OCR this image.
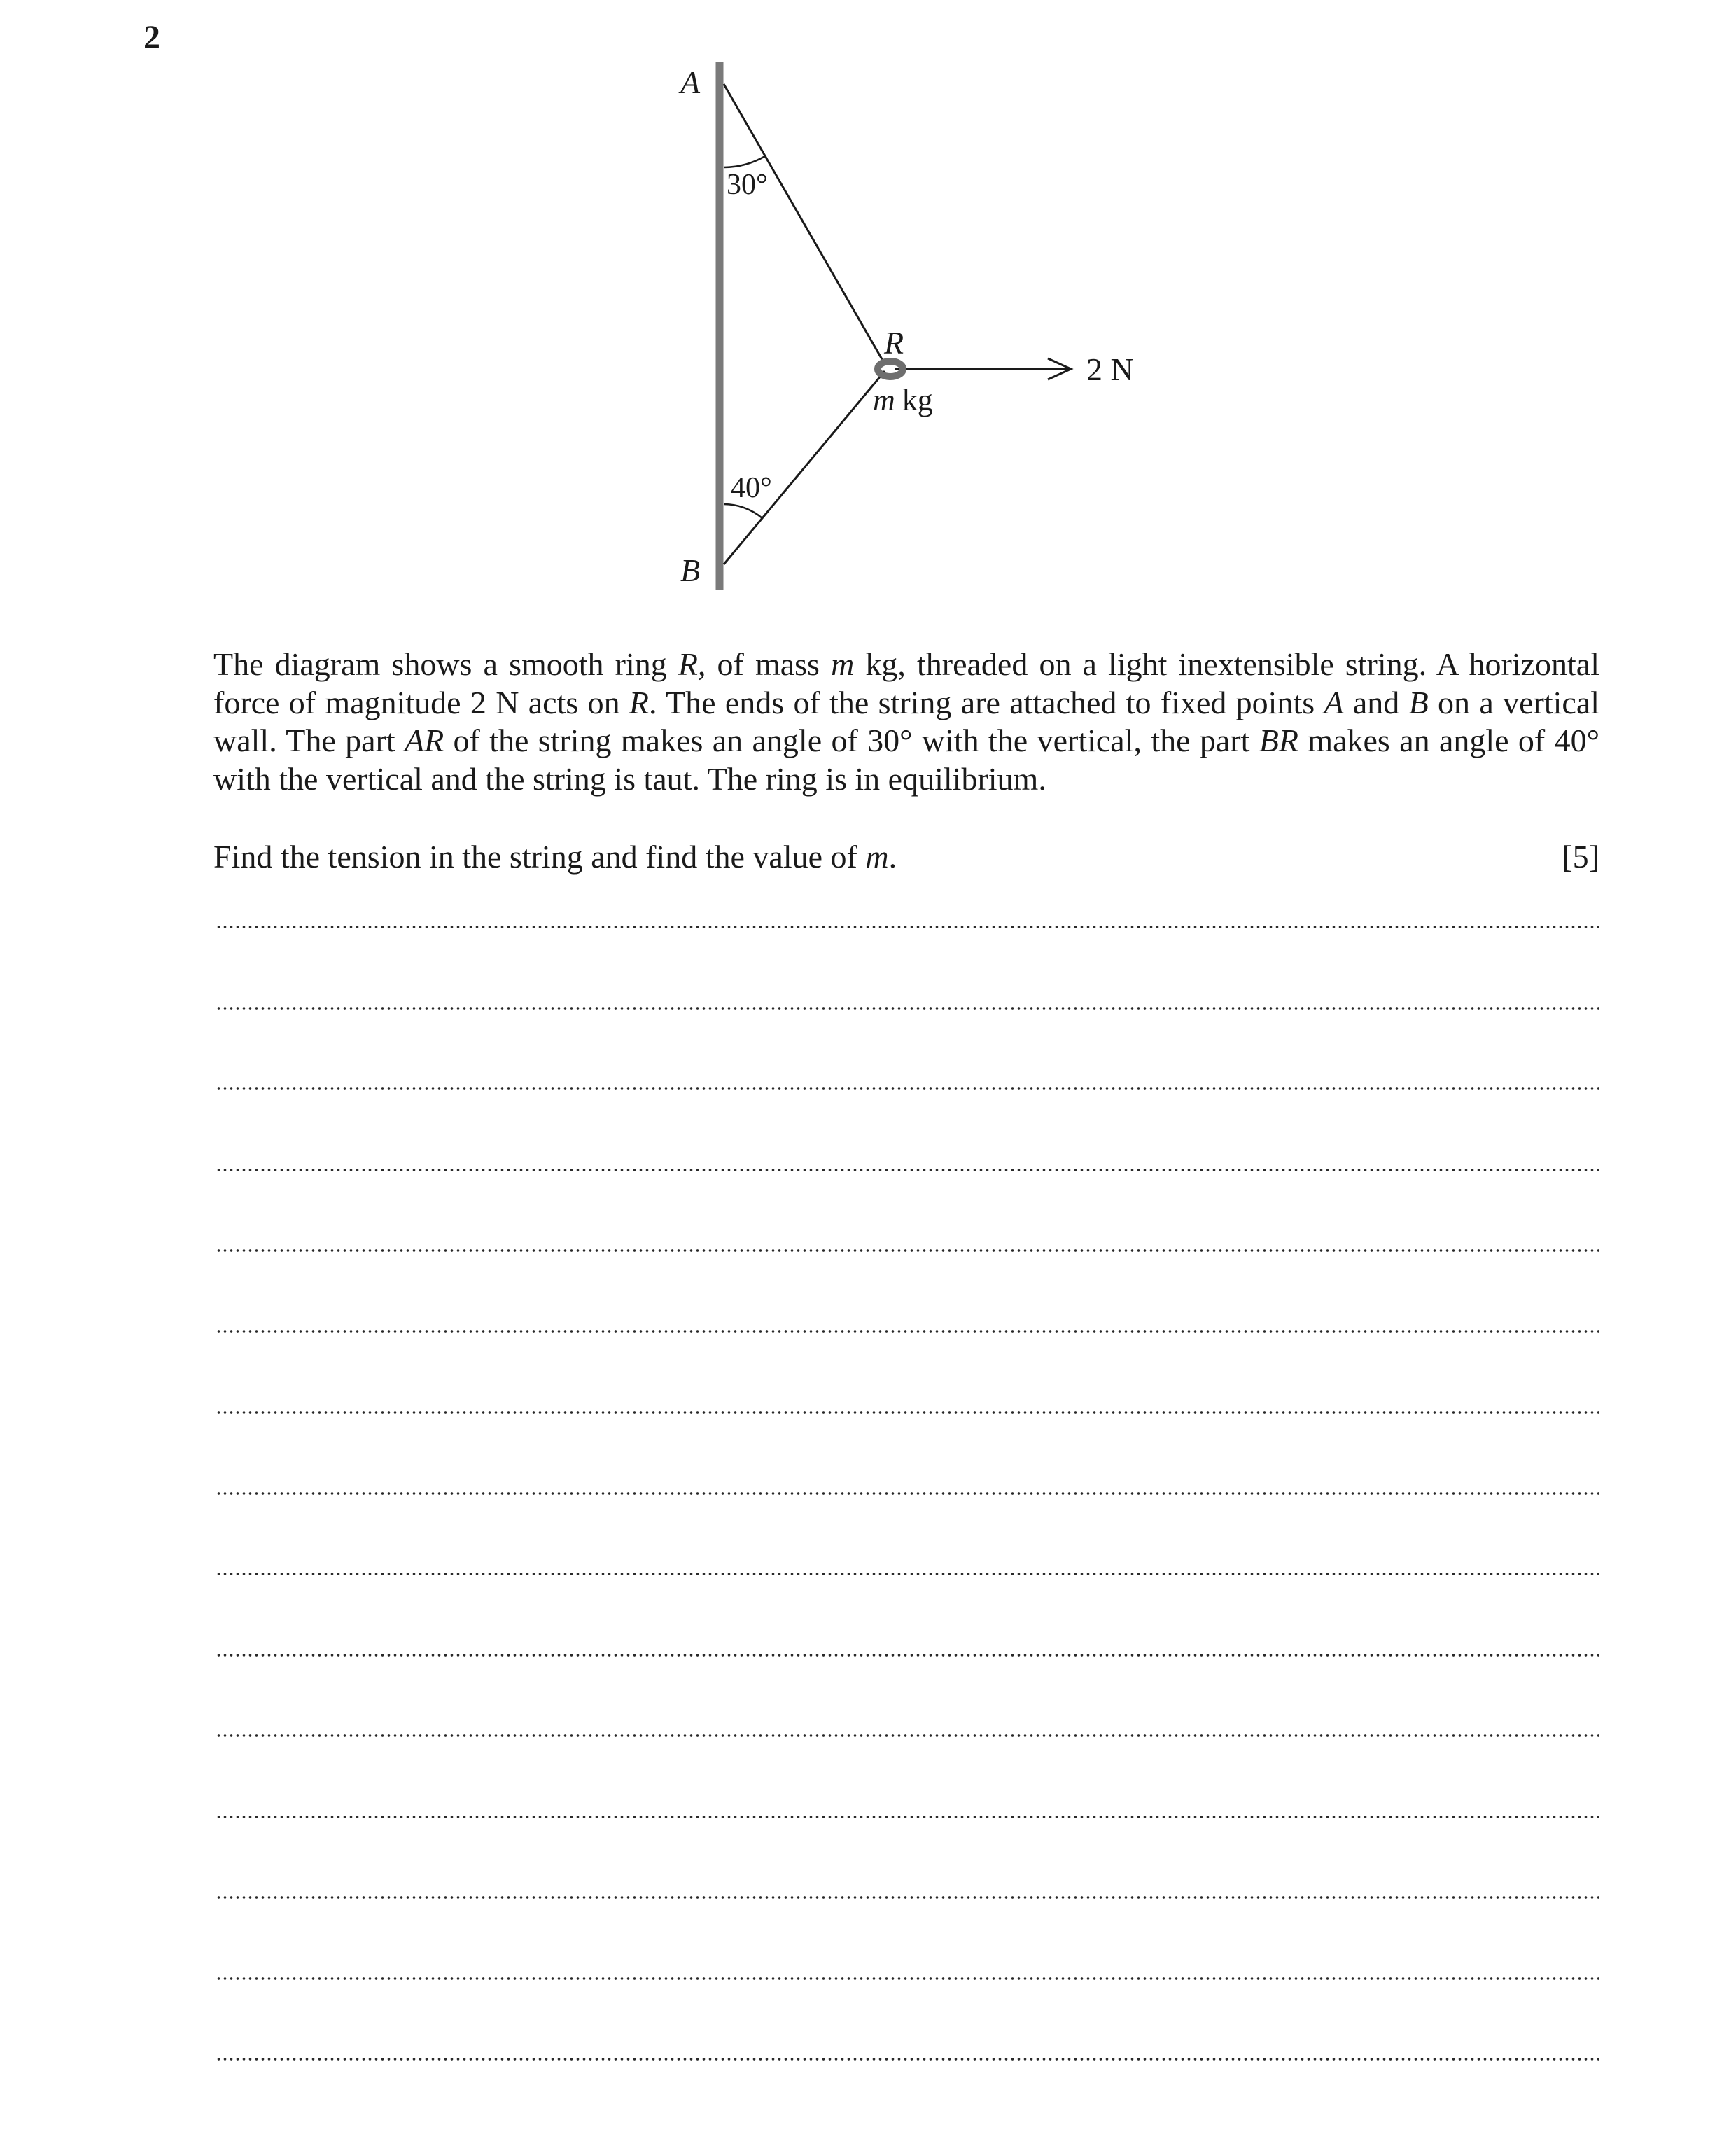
2
A
B
R
30°
40°
2 N
m kg

The diagram shows a smooth ring R, of mass m kg, threaded on a light inextensible string. A horizontal force of magnitude 2 N acts on R. The ends of the string are attached to fixed points A and B on a vertical wall. The part AR of the string makes an angle of 30° with the vertical, the part BR makes an angle of 40° with the vertical and the string is taut. The ring is in equilibrium.

Find the tension in the string and find the value of m.	[5]
